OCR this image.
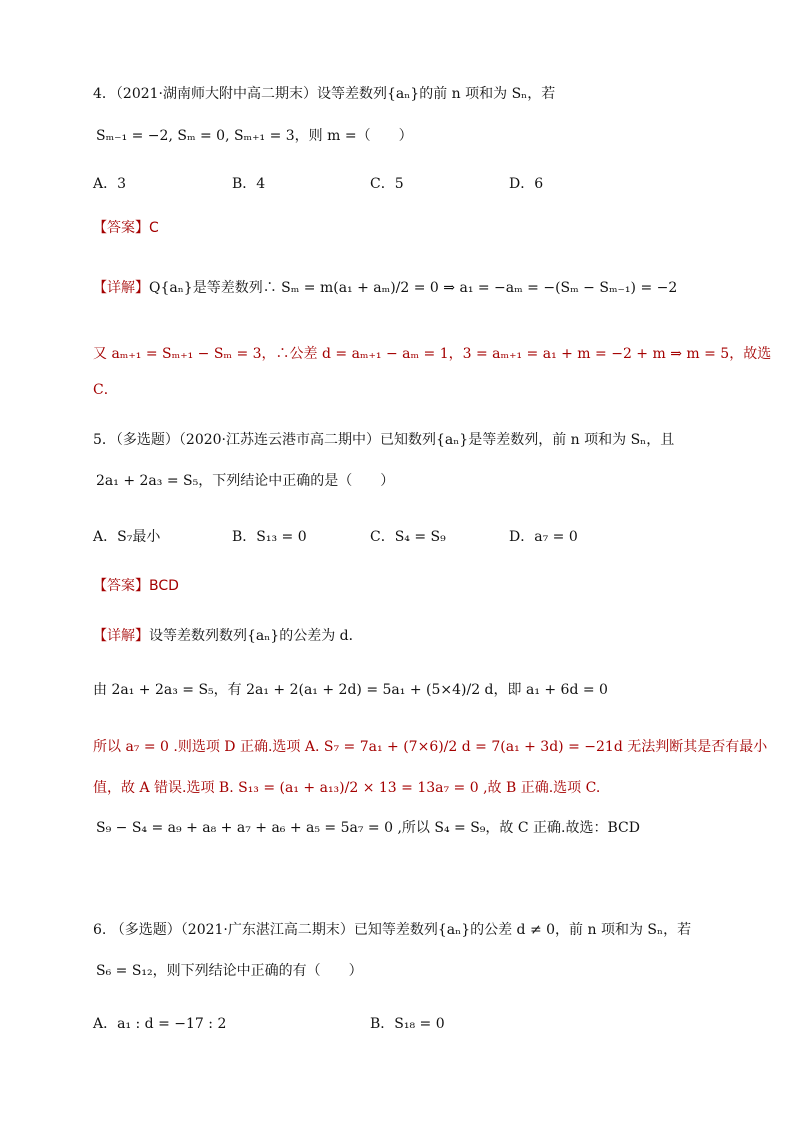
4．（2021·湖南师大附中高二期末）设等差数列{aₙ}的前 n 项和为 Sₙ，若
Sₘ₋₁ = −2, Sₘ = 0, Sₘ₊₁ = 3，则 m =（　　）
A．3	B．4	C．5	D．6
【答案】C
【详解】Q{aₙ}是等差数列∴ Sₘ = m(a₁ + aₘ)/2 = 0 ⇒ a₁ = −aₘ = −(Sₘ − Sₘ₋₁) = −2
又 aₘ₊₁ = Sₘ₊₁ − Sₘ = 3，∴公差 d = aₘ₊₁ − aₘ = 1，3 = aₘ₊₁ = a₁ + m = −2 + m ⇒ m = 5，故选
C．
5．（多选题）（2020·江苏连云港市高二期中）已知数列{aₙ}是等差数列，前 n 项和为 Sₙ，且
2a₁ + 2a₃ = S₅，下列结论中正确的是（　　）
A．S₇最小	B．S₁₃ = 0	C．S₄ = S₉	D．a₇ = 0
【答案】BCD
【详解】设等差数列数列{aₙ}的公差为 d．
由 2a₁ + 2a₃ = S₅，有 2a₁ + 2(a₁ + 2d) = 5a₁ + (5×4)/2 d，即 a₁ + 6d = 0
所以 a₇ = 0 .则选项 D 正确.选项 A. S₇ = 7a₁ + (7×6)/2 d = 7(a₁ + 3d) = −21d 无法判断其是否有最小
值，故 A 错误.选项 B. S₁₃ = (a₁ + a₁₃)/2 × 13 = 13a₇ = 0 ,故 B 正确.选项 C.
S₉ − S₄ = a₉ + a₈ + a₇ + a₆ + a₅ = 5a₇ = 0 ,所以 S₄ = S₉，故 C 正确.故选：BCD
6. （多选题）（2021·广东湛江高二期末）已知等差数列{aₙ}的公差 d ≠ 0，前 n 项和为 Sₙ，若
S₆ = S₁₂，则下列结论中正确的有（　　）
A．a₁ : d = −17 : 2	B．S₁₈ = 0
